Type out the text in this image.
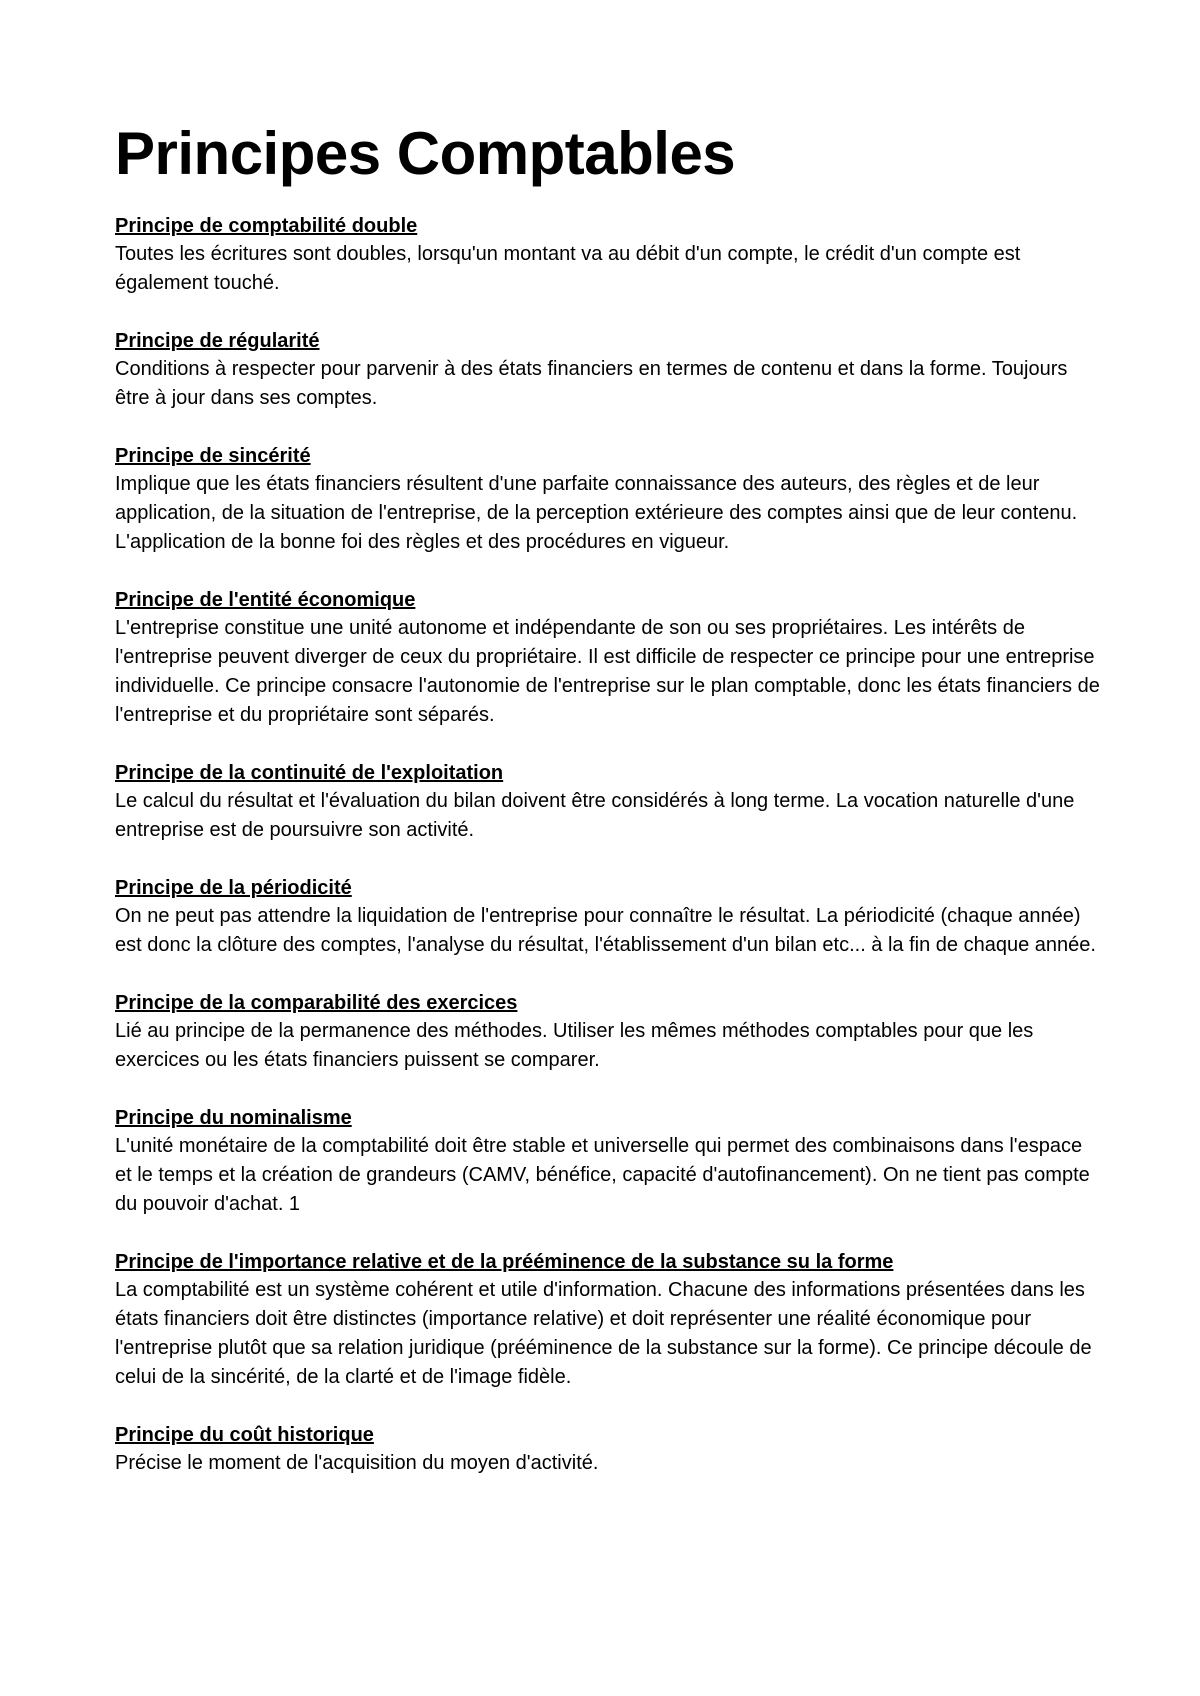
Principes Comptables

Principe de comptabilité double

Toutes les écritures sont doubles, lorsqu'un montant va au débit d'un compte, le crédit d'un compte est également touché.

Principe de régularité

Conditions à respecter pour parvenir à des états financiers en termes de contenu et dans la forme. Toujours être à jour dans ses comptes.

Principe de sincérité

Implique que les états financiers résultent d'une parfaite connaissance des auteurs, des règles et de leur application, de la situation de l'entreprise, de la perception extérieure des comptes ainsi que de leur contenu. L'application de la bonne foi des règles et des procédures en vigueur.

Principe de l'entité économique

L'entreprise constitue une unité autonome et indépendante de son ou ses propriétaires. Les intérêts de l'entreprise peuvent diverger de ceux du propriétaire. Il est difficile de respecter ce principe pour une entreprise individuelle. Ce principe consacre l'autonomie de l'entreprise sur le plan comptable, donc les états financiers de l'entreprise et du propriétaire sont séparés.

Principe de la continuité de l'exploitation

Le calcul du résultat et l'évaluation du bilan doivent être considérés à long terme. La vocation naturelle d'une entreprise est de poursuivre son activité.

Principe de la périodicité

On ne peut pas attendre la liquidation de l'entreprise pour connaître le résultat. La périodicité (chaque année) est donc la clôture des comptes, l'analyse du résultat, l'établissement d'un bilan etc... à la fin de chaque année.

Principe de la comparabilité des exercices

Lié au principe de la permanence des méthodes. Utiliser les mêmes méthodes comptables pour que les exercices ou les états financiers puissent se comparer.

Principe du nominalisme

L'unité monétaire de la comptabilité doit être stable et universelle qui permet des combinaisons dans l'espace et le temps et la création de grandeurs (CAMV, bénéfice, capacité d'autofinancement). On ne tient pas compte du pouvoir d'achat. 1

Principe de l'importance relative et de la prééminence de la substance su la forme

La comptabilité est un système cohérent et utile d'information. Chacune des informations présentées dans les états financiers doit être distinctes (importance relative) et doit représenter une réalité économique pour l'entreprise plutôt que sa relation juridique (prééminence de la substance sur la forme). Ce principe découle de celui de la sincérité, de la clarté et de l'image fidèle.

Principe du coût historique

Précise le moment de l'acquisition du moyen d'activité.
